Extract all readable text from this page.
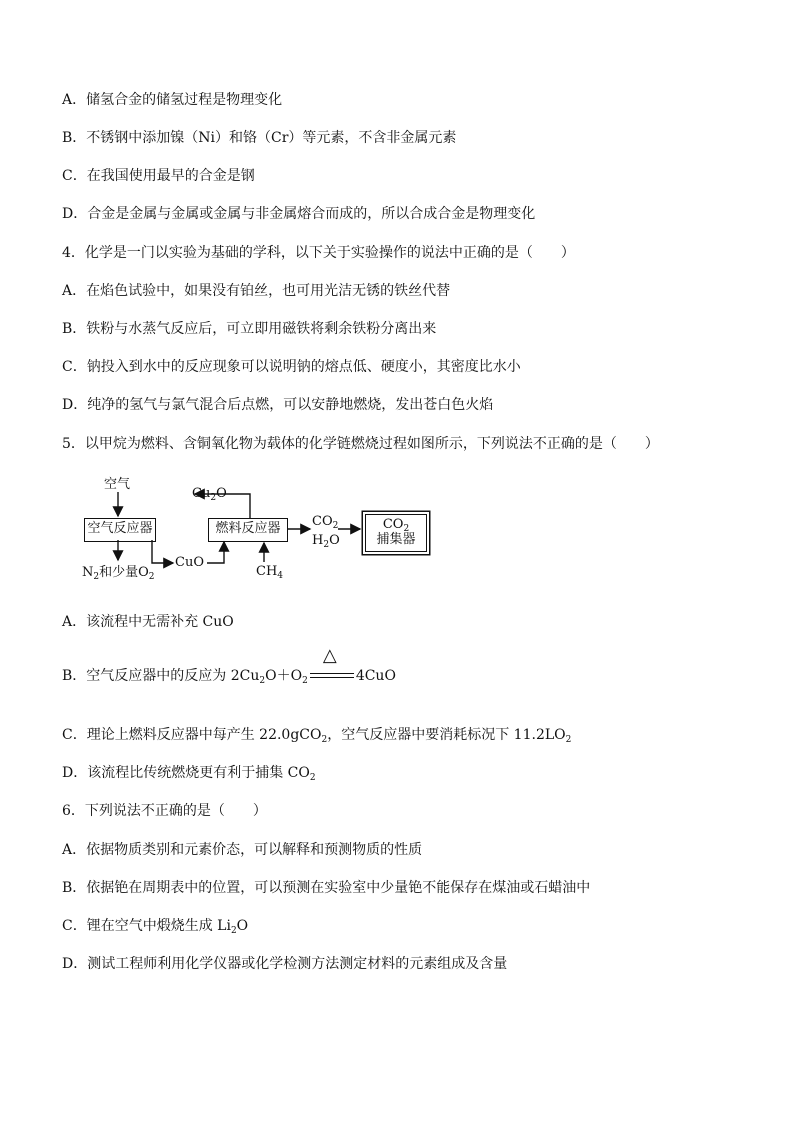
A．储氢合金的储氢过程是物理变化
B．不锈钢中添加镍（Ni）和铬（Cr）等元素，不含非金属元素
C．在我国使用最早的合金是钢
D．合金是金属与金属或金属与非金属熔合而成的，所以合成合金是物理变化
4．化学是一门以实验为基础的学科，以下关于实验操作的说法中正确的是（　　）
A．在焰色试验中，如果没有铂丝，也可用光洁无锈的铁丝代替
B．铁粉与水蒸气反应后，可立即用磁铁将剩余铁粉分离出来
C．钠投入到水中的反应现象可以说明钠的熔点低、硬度小，其密度比水小
D．纯净的氢气与氯气混合后点燃，可以安静地燃烧，发出苍白色火焰
5．以甲烷为燃料、含铜氧化物为载体的化学链燃烧过程如图所示，下列说法不正确的是（　　）
空气
$Cu_2O$
空气反应器	燃料反应器	$CO_2$
$H_2O$
$CO_2$
捕集器
$N_2$和少量$O_2$
CuO
$CH_4$
A．该流程中无需补充 CuO
B．空气反应器中的反应为 $2Cu_2O+O_2$
△
4CuO
C．理论上燃料反应器中每产生 22.0gCO$_2$，空气反应器中要消耗标况下 $11.2LO_2$
D．该流程比传统燃烧更有利于捕集 $CO_2$
6．下列说法不正确的是（　　）
A．依据物质类别和元素价态，可以解释和预测物质的性质
B．依据铯在周期表中的位置，可以预测在实验室中少量铯不能保存在煤油或石蜡油中
C．锂在空气中煅烧生成 $Li_2O$
D．测试工程师利用化学仪器或化学检测方法测定材料的元素组成及含量
